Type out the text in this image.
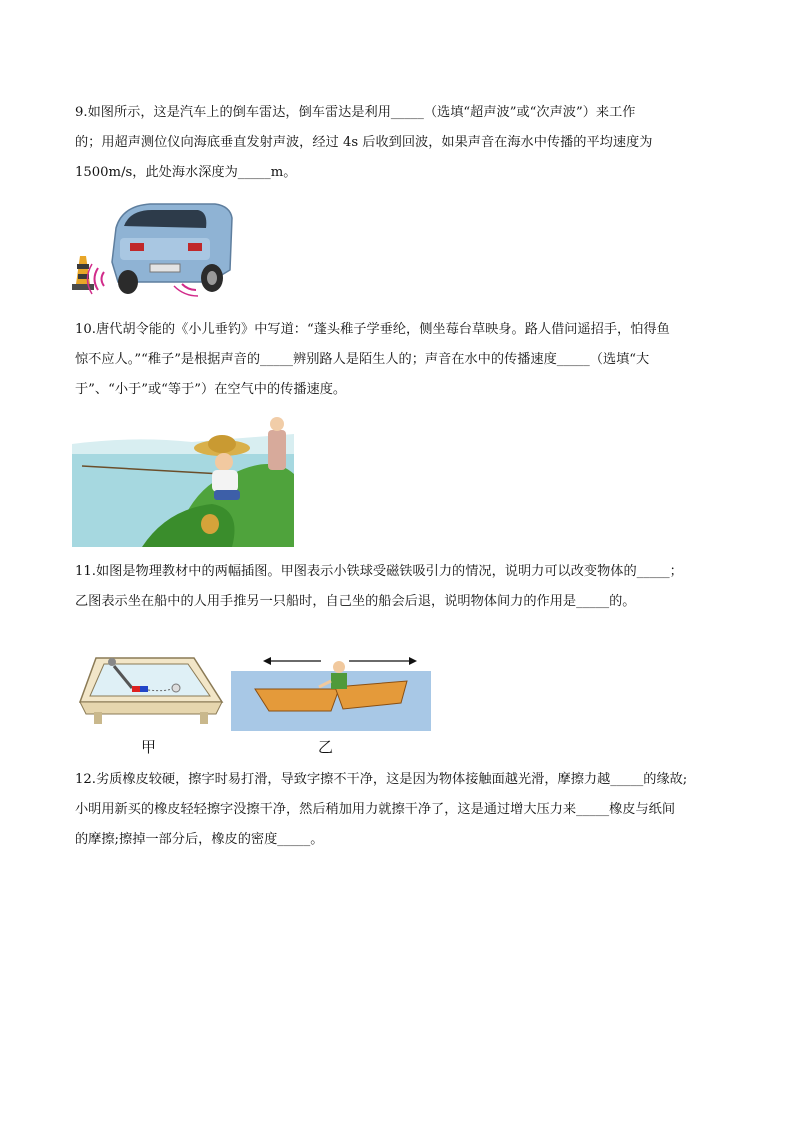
9.如图所示，这是汽车上的倒车雷达，倒车雷达是利用_____（选填“超声波”或“次声波”）来工作

的；用超声测位仪向海底垂直发射声波，经过 4s 后收到回波，如果声音在海水中传播的平均速度为

1500m/s，此处海水深度为_____m。

10.唐代胡令能的《小儿垂钓》中写道：“蓬头稚子学垂纶，侧坐莓台草映身。路人借问遥招手，怕得鱼

惊不应人。”“稚子”是根据声音的_____辨别路人是陌生人的；声音在水中的传播速度_____（选填“大

于”、“小于”或“等于”）在空气中的传播速度。

11.如图是物理教材中的两幅插图。甲图表示小铁球受磁铁吸引力的情况，说明力可以改变物体的_____；

乙图表示坐在船中的人用手推另一只船时，自己坐的船会后退，说明物体间力的作用是_____的。

甲	乙

12.劣质橡皮较硬，擦字时易打滑，导致字擦不干净，这是因为物体接触面越光滑，摩擦力越_____的缘故;

小明用新买的橡皮轻轻擦字没擦干净，然后稍加用力就擦干净了，这是通过增大压力来_____橡皮与纸间

的摩擦;擦掉一部分后，橡皮的密度_____。
